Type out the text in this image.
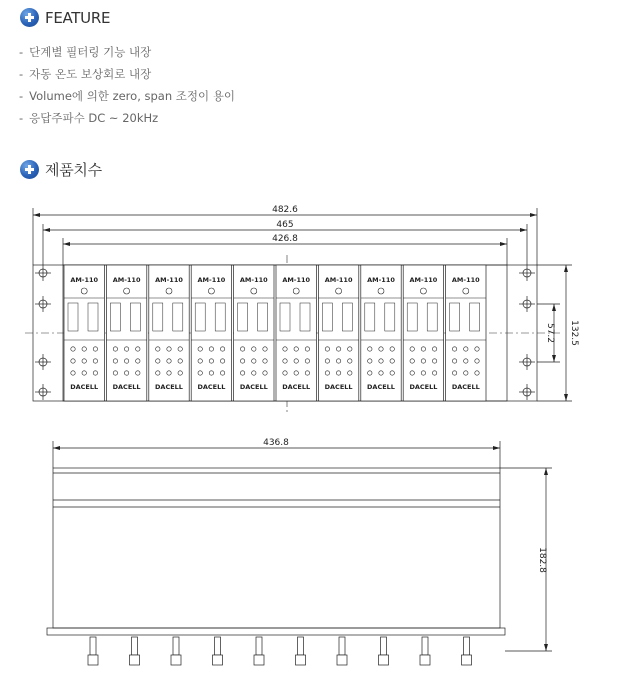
FEATURE
- 단계별 필터링 기능 내장
- 자동 온도 보상회로 내장
- Volume에 의한 zero, span 조정이 용이
- 응답주파수 DC ~ 20kHz
제품치수
AM-110
DACELL
AM-110
DACELL
AM-110
DACELL
AM-110
DACELL
AM-110
DACELL
AM-110
DACELL
AM-110
DACELL
AM-110
DACELL
AM-110
DACELL
AM-110
DACELL
482.6
465
426.8
132.5
57.2
436.8
182.8
